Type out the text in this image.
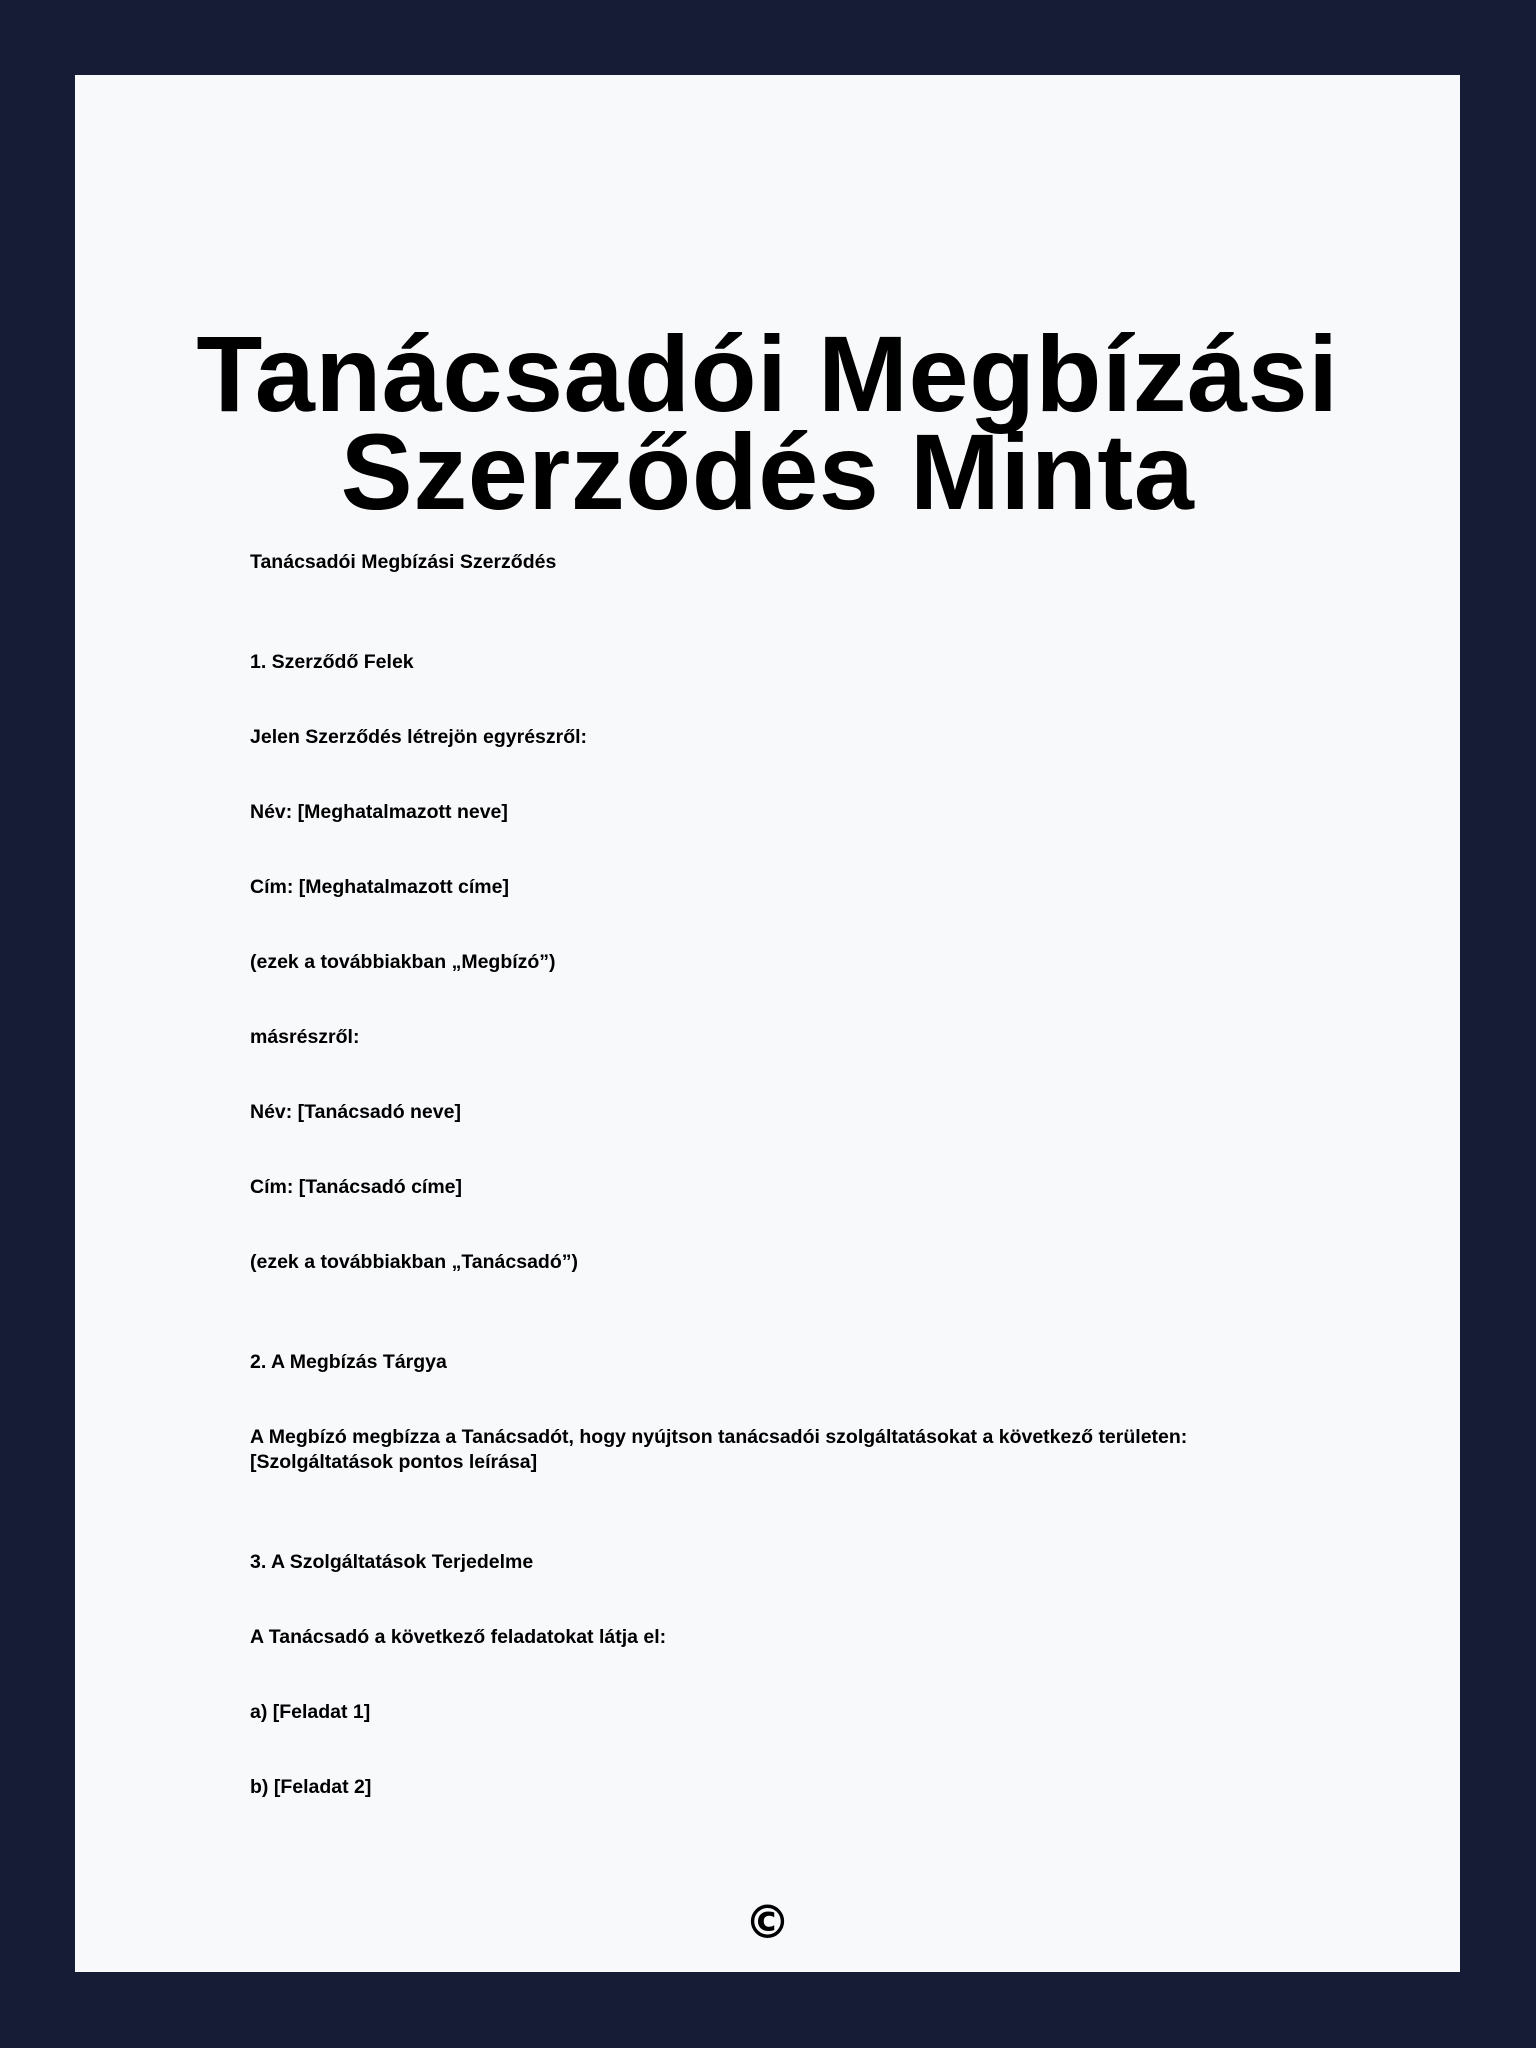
Tanácsadói Megbízási
Szerződés Minta

Tanácsadói Megbízási Szerződés

1. Szerződő Felek

Jelen Szerződés létrejön egyrészről:

Név: [Meghatalmazott neve]

Cím: [Meghatalmazott címe]

(ezek a továbbiakban „Megbízó”)

másrészről:

Név: [Tanácsadó neve]

Cím: [Tanácsadó címe]

(ezek a továbbiakban „Tanácsadó”)

2. A Megbízás Tárgya

A Megbízó megbízza a Tanácsadót, hogy nyújtson tanácsadói szolgáltatásokat a következő területen: [Szolgáltatások pontos leírása]

3. A Szolgáltatások Terjedelme

A Tanácsadó a következő feladatokat látja el:

a) [Feladat 1]

b) [Feladat 2]

©
